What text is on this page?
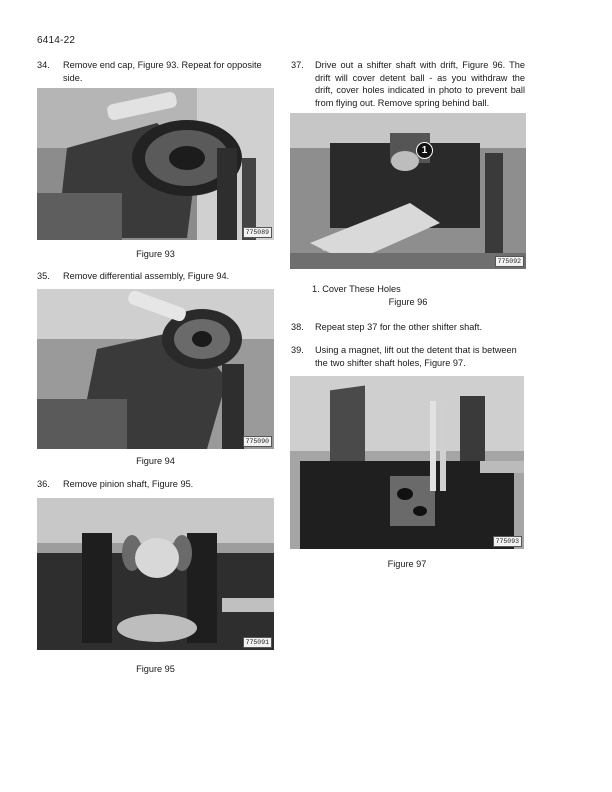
6414-22
34. Remove end cap, Figure 93. Repeat for opposite side.
775089
Figure 93
35. Remove differential assembly, Figure 94.
775090
Figure 94
36. Remove pinion shaft, Figure 95.
775091
Figure 95
37. Drive out a shifter shaft with drift, Figure 96. The drift will cover detent ball - as you withdraw the drift, cover holes indicated in photo to prevent ball from flying out. Remove spring behind ball.
1
775092
1. Cover These Holes
Figure 96
38. Repeat step 37 for the other shifter shaft.
39. Using a magnet, lift out the detent that is between the two shifter shaft holes, Figure 97.
775093
Figure 97
